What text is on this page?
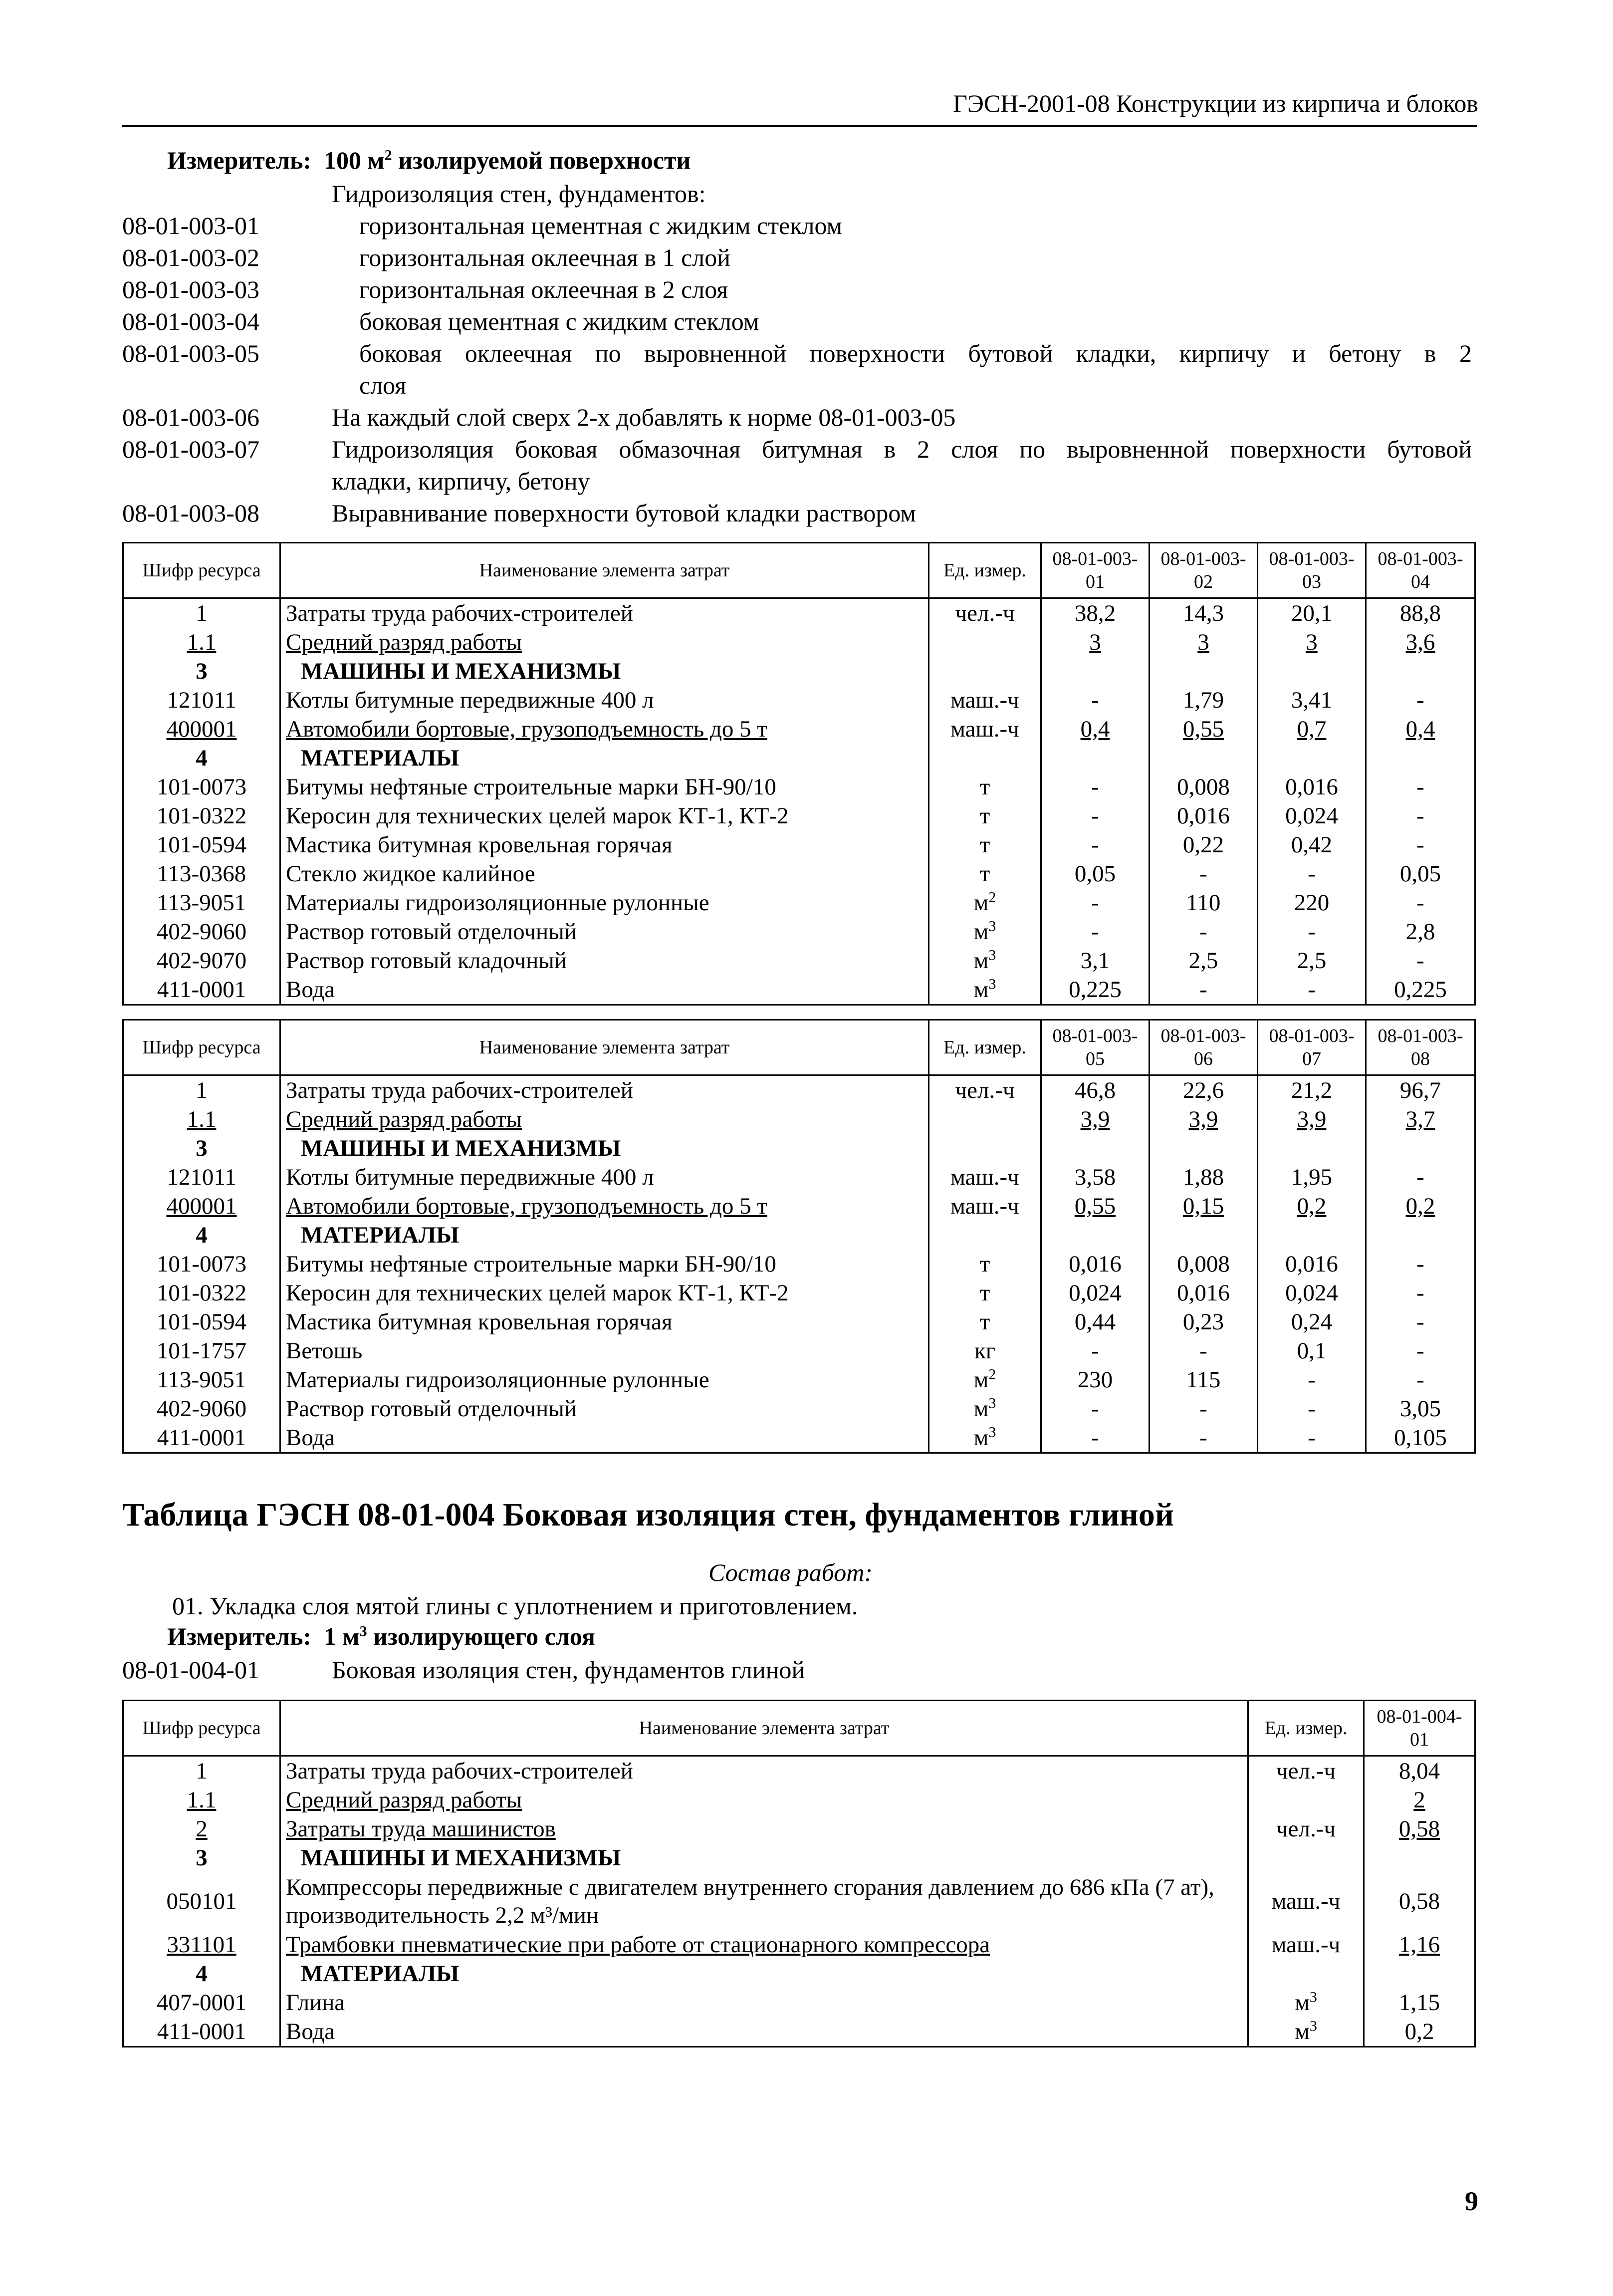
ГЭСН-2001-08 Конструкции из кирпича и блоков
Измеритель: 100 $м^2$ изолируемой поверхности
Гидроизоляция стен, фундаментов:
08-01-003-01	горизонтальная цементная с жидким стеклом
08-01-003-02	горизонтальная оклеечная в 1 слой
08-01-003-03	горизонтальная оклеечная в 2 слоя
08-01-003-04	боковая цементная с жидким стеклом
08-01-003-05	боковая оклеечная по выровненной поверхности бутовой кладки, кирпичу и бетону в 2
слоя
08-01-003-06	На каждый слой сверх 2-х добавлять к норме 08-01-003-05
08-01-003-07	Гидроизоляция боковая обмазочная битумная в 2 слоя по выровненной поверхности бутовой
кладки, кирпичу, бетону
08-01-003-08	Выравнивание поверхности бутовой кладки раствором
Шифр ресурса	Наименование элемента затрат	Ед. измер.	08-01-003-01	08-01-003-02	08-01-003-03	08-01-003-04
1	Затраты труда рабочих-строителей	чел.-ч	38,2	14,3	20,1	88,8
1.1	Средний разряд работы		3	3	3	3,6
3	МАШИНЫ И МЕХАНИЗМЫ					
121011	Котлы битумные передвижные 400 л	маш.-ч	-	1,79	3,41	-
400001	Автомобили бортовые, грузоподъемность до 5 т	маш.-ч	0,4	0,55	0,7	0,4
4	МАТЕРИАЛЫ					
101-0073	Битумы нефтяные строительные марки БН-90/10	т	-	0,008	0,016	-
101-0322	Керосин для технических целей марок КТ-1, КТ-2	т	-	0,016	0,024	-
101-0594	Мастика битумная кровельная горячая	т	-	0,22	0,42	-
113-0368	Стекло жидкое калийное	т	0,05	-	-	0,05
113-9051	Материалы гидроизоляционные рулонные	$м^2$	-	110	220	-
402-9060	Раствор готовый отделочный	$м^3$	-	-	-	2,8
402-9070	Раствор готовый кладочный	$м^3$	3,1	2,5	2,5	-
411-0001	Вода	$м^3$	0,225	-	-	0,225
Шифр ресурса	Наименование элемента затрат	Ед. измер.	08-01-003-05	08-01-003-06	08-01-003-07	08-01-003-08
1	Затраты труда рабочих-строителей	чел.-ч	46,8	22,6	21,2	96,7
1.1	Средний разряд работы		3,9	3,9	3,9	3,7
3	МАШИНЫ И МЕХАНИЗМЫ					
121011	Котлы битумные передвижные 400 л	маш.-ч	3,58	1,88	1,95	-
400001	Автомобили бортовые, грузоподъемность до 5 т	маш.-ч	0,55	0,15	0,2	0,2
4	МАТЕРИАЛЫ					
101-0073	Битумы нефтяные строительные марки БН-90/10	т	0,016	0,008	0,016	-
101-0322	Керосин для технических целей марок КТ-1, КТ-2	т	0,024	0,016	0,024	-
101-0594	Мастика битумная кровельная горячая	т	0,44	0,23	0,24	-
101-1757	Ветошь	кг	-	-	0,1	-
113-9051	Материалы гидроизоляционные рулонные	$м^2$	230	115	-	-
402-9060	Раствор готовый отделочный	$м^3$	-	-	-	3,05
411-0001	Вода	$м^3$	-	-	-	0,105
Таблица ГЭСН 08-01-004 Боковая изоляция стен, фундаментов глиной
Состав работ:
01. Укладка слоя мятой глины с уплотнением и приготовлением.
Измеритель: 1 $м^3$ изолирующего слоя
08-01-004-01	Боковая изоляция стен, фундаментов глиной
Шифр ресурса	Наименование элемента затрат	Ед. измер.	08-01-004-01
1	Затраты труда рабочих-строителей	чел.-ч	8,04
1.1	Средний разряд работы		2
2	Затраты труда машинистов	чел.-ч	0,58
3	МАШИНЫ И МЕХАНИЗМЫ		
050101	Компрессоры передвижные с двигателем внутреннего сгорания давлением до 686 кПа (7 ат), производительность 2,2 м³/мин	маш.-ч	0,58
331101	Трамбовки пневматические при работе от стационарного компрессора	маш.-ч	1,16
4	МАТЕРИАЛЫ		
407-0001	Глина	$м^3$	1,15
411-0001	Вода	$м^3$	0,2
9
